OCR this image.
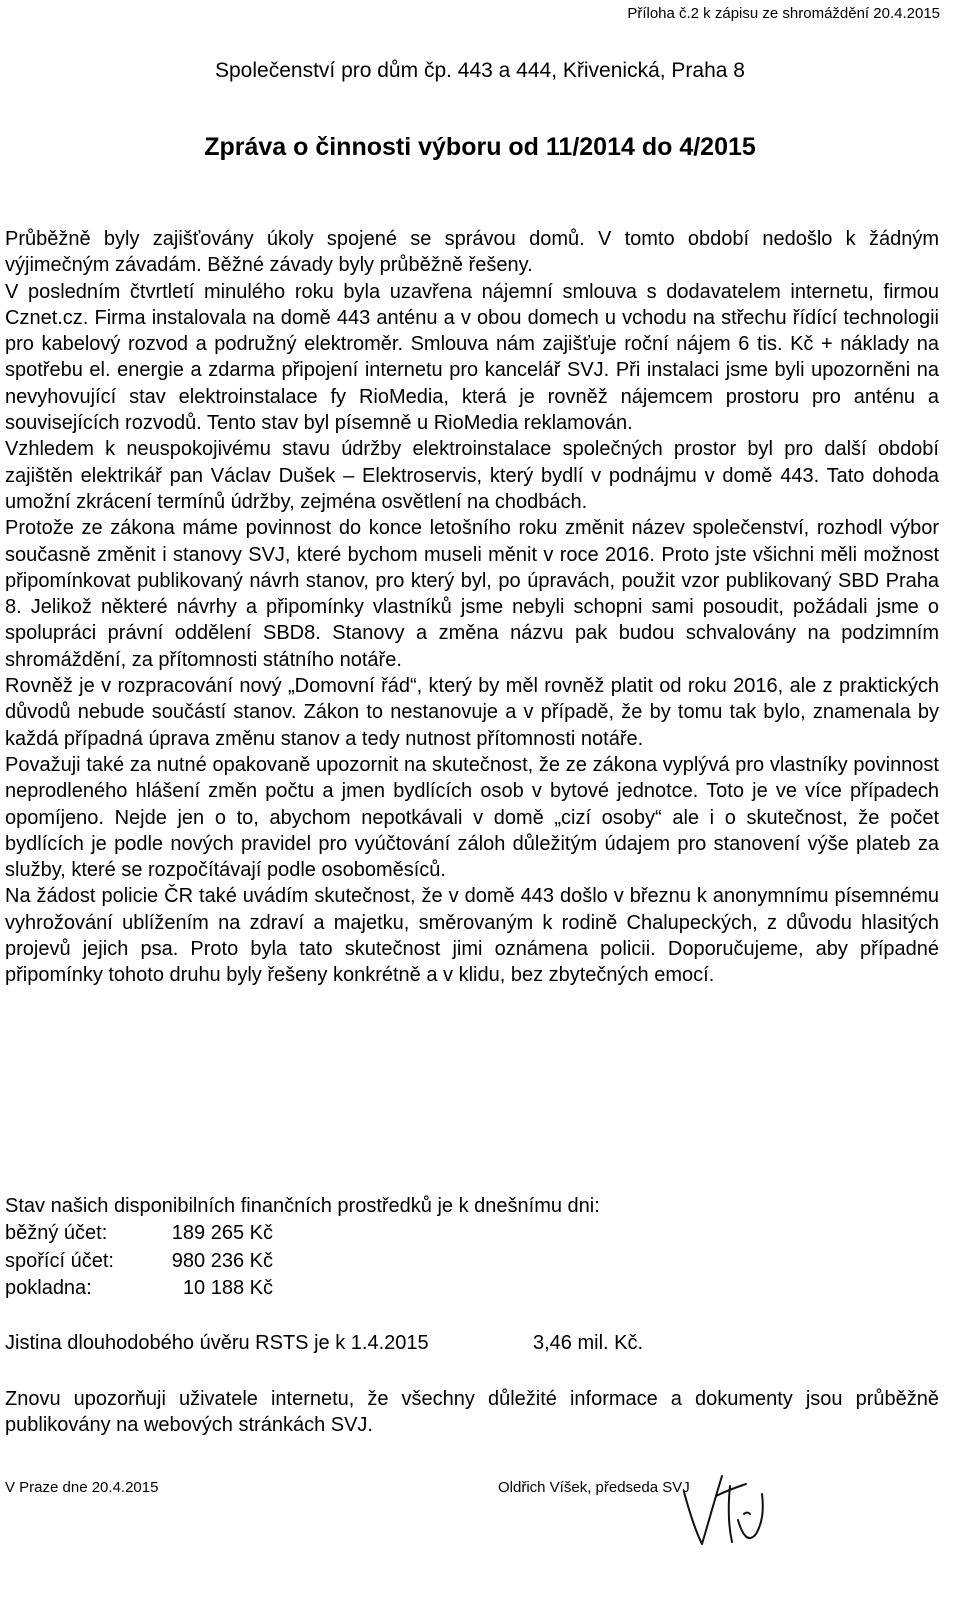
Příloha č.2 k zápisu ze shromáždění 20.4.2015
Společenství pro dům čp. 443 a 444, Křivenická, Praha 8
Zpráva o činnosti výboru od 11/2014 do 4/2015

Průběžně byly zajišťovány úkoly spojené se správou domů. V tomto období nedošlo k žádným výjimečným závadám. Běžné závady byly průběžně řešeny.

V posledním čtvrtletí minulého roku byla uzavřena nájemní smlouva s dodavatelem internetu, firmou Cznet.cz. Firma instalovala na domě 443 anténu a v obou domech u vchodu na střechu řídící technologii pro kabelový rozvod a podružný elektroměr. Smlouva nám zajišťuje roční nájem 6 tis. Kč + náklady na spotřebu el. energie a zdarma připojení internetu pro kancelář SVJ. Při instalaci jsme byli upozorněni na nevyhovující stav elektroinstalace fy RioMedia, která je rovněž nájemcem prostoru pro anténu a souvisejících rozvodů. Tento stav byl písemně u RioMedia reklamován.

Vzhledem k neuspokojivému stavu údržby elektroinstalace společných prostor byl pro další období zajištěn elektrikář pan Václav Dušek – Elektroservis, který bydlí v podnájmu v domě 443. Tato dohoda umožní zkrácení termínů údržby, zejména osvětlení na chodbách.

Protože ze zákona máme povinnost do konce letošního roku změnit název společenství, rozhodl výbor současně změnit i stanovy SVJ, které bychom museli měnit v roce 2016. Proto jste všichni měli možnost připomínkovat publikovaný návrh stanov, pro který byl, po úpravách, použit vzor publikovaný SBD Praha 8. Jelikož některé návrhy a připomínky vlastníků jsme nebyli schopni sami posoudit, požádali jsme o spolupráci právní oddělení SBD8. Stanovy a změna názvu pak budou schvalovány na podzimním shromáždění, za přítomnosti státního notáře.

Rovněž je v rozpracování nový „Domovní řád“, který by měl rovněž platit od roku 2016, ale z praktických důvodů nebude součástí stanov. Zákon to nestanovuje a v případě, že by tomu tak bylo, znamenala by každá případná úprava změnu stanov a tedy nutnost přítomnosti notáře.

Považuji také za nutné opakovaně upozornit na skutečnost, že ze zákona vyplývá pro vlastníky povinnost neprodleného hlášení změn počtu a jmen bydlících osob v bytové jednotce. Toto je ve více případech opomíjeno. Nejde jen o to, abychom nepotkávali v domě „cizí osoby“ ale i o skutečnost, že počet bydlících je podle nových pravidel pro vyúčtování záloh důležitým údajem pro stanovení výše plateb za služby, které se rozpočítávají podle osoboměsíců.

Na žádost policie ČR také uvádím skutečnost, že v domě 443 došlo v březnu k anonymnímu písemnému vyhrožování ublížením na zdraví a majetku, směrovaným k rodině Chalupeckých, z důvodu hlasitých projevů jejich psa. Proto byla tato skutečnost jimi oznámena policii. Doporučujeme, aby případné připomínky tohoto druhu byly řešeny konkrétně a v klidu, bez zbytečných emocí.

Stav našich disponibilních finančních prostředků je k dnešnímu dni:
běžný účet:	189 265 Kč
spořící účet:	980 236 Kč
pokladna:	10 188 Kč
Jistina dlouhodobého úvěru RSTS je k 1.4.2015	3,46 mil. Kč.
Znovu upozorňuji uživatele internetu, že všechny důležité informace a dokumenty jsou průběžně publikovány na webových stránkách SVJ.
V Praze dne 20.4.2015	Oldřich Víšek, předseda SVJ
